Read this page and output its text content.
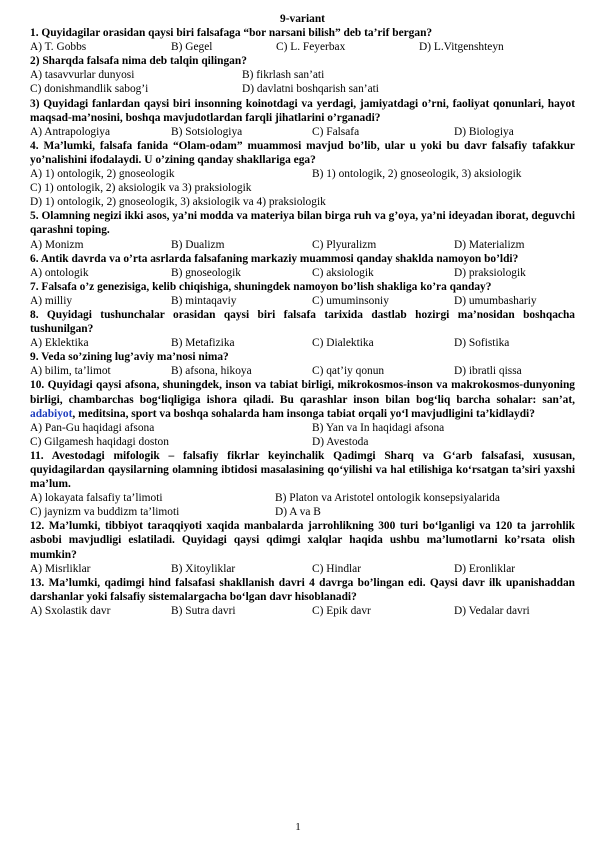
9-variant
1. Quyidagilar orasidan qaysi biri falsafaga “bor narsani bilish” deb ta’rif bergan?
A) T. Gobbs	B) Gegel	C) L. Feyerbax	D) L.Vitgenshteyn
2) Sharqda falsafa nima deb talqin qilingan?
A) tasavvurlar dunyosi	B) fikrlash san’ati
C) donishmandlik sabog’i	D) davlatni boshqarish san’ati
3) Quyidagi fanlardan qaysi biri insonning koinotdagi va yerdagi, jamiyatdagi o’rni, faoliyat qonunlari, hayot maqsad-ma’nosini, boshqa mavjudotlardan farqli jihatlarini o’rganadi?
A) Antrapologiya	B) Sotsiologiya	C) Falsafa	D) Biologiya
4. Ma’lumki, falsafa fanida “Olam-odam” muammosi mavjud bo’lib, ular u yoki bu davr falsafiy tafakkur yo’nalishini ifodalaydi. U o’zining qanday shakllariga ega?
A) 1) ontologik, 2) gnoseologik	B) 1) ontologik, 2) gnoseologik, 3) aksiologik
C) 1) ontologik, 2) aksiologik va 3) praksiologik
D) 1) ontologik, 2) gnoseologik, 3) aksiologik va 4) praksiologik
5. Olamning negizi ikki asos, ya’ni modda va materiya bilan birga ruh va g’oya, ya’ni ideyadan iborat, deguvchi qarashni toping.
A) Monizm	B) Dualizm	C) Plyuralizm	D) Materializm
6. Antik davrda va o’rta asrlarda falsafaning markaziy muammosi qanday shaklda namoyon bo’ldi?
A) ontologik	B) gnoseologik	C) aksiologik	D) praksiologik
7. Falsafa o’z genezisiga, kelib chiqishiga, shuningdek namoyon bo’lish shakliga ko’ra qanday?
A) milliy	B) mintaqaviy	C) umuminsoniy	D) umumbashariy
8. Quyidagi tushunchalar orasidan qaysi biri falsafa tarixida dastlab hozirgi ma’nosidan boshqacha tushunilgan?
A) Eklektika	B) Metafizika	C) Dialektika	D) Sofistika
9. Veda so’zining lug’aviy ma’nosi nima?
A) bilim, ta’limot	B) afsona, hikoya	C) qat’iy qonun	D) ibratli qissa
10. Quyidagi qaysi afsona, shuningdek, inson va tabiat birligi, mikrokosmos-inson va makrokosmos-dunyoning birligi, chambarchas bog‘liqligiga ishora qiladi. Bu qarashlar inson bilan bog‘liq barcha sohalar: san’at, adabiyot, meditsina, sport va boshqa sohalarda ham insonga tabiat orqali yo‘l mavjudligini ta’kidlaydi?
A) Pan-Gu haqidagi afsona	B) Yan va In haqidagi afsona
C) Gilgamesh haqidagi doston	D) Avestoda
11. Avestodagi mifologik – falsafiy fikrlar keyinchalik Qadimgi Sharq va G‘arb falsafasi, xususan, quyidagilardan qaysilarning olamning ibtidosi masalasining qo‘yilishi va hal etilishiga ko‘rsatgan ta’siri yaxshi ma’lum.
A) lokayata falsafiy ta’limoti	B) Platon va Aristotel ontologik konsepsiyalarida
C) jaynizm va buddizm ta’limoti	D) A va B
12. Ma’lumki, tibbiyot taraqqiyoti xaqida manbalarda jarrohlikning 300 turi bo‘lganligi va 120 ta jarrohlik asbobi mavjudligi eslatiladi. Quyidagi qaysi qdimgi xalqlar haqida ushbu ma’lumotlarni ko’rsata olish mumkin?
A) Misrliklar	B) Xitoyliklar	C) Hindlar	D) Eronliklar
13. Ma’lumki, qadimgi hind falsafasi shakllanish davri 4 davrga bo’lingan edi. Qaysi davr ilk upanishaddan darshanlar yoki falsafiy sistemalargacha bo‘lgan davr hisoblanadi?
A) Sxolastik davr	B) Sutra davri	C) Epik davr	D) Vedalar davri
1
